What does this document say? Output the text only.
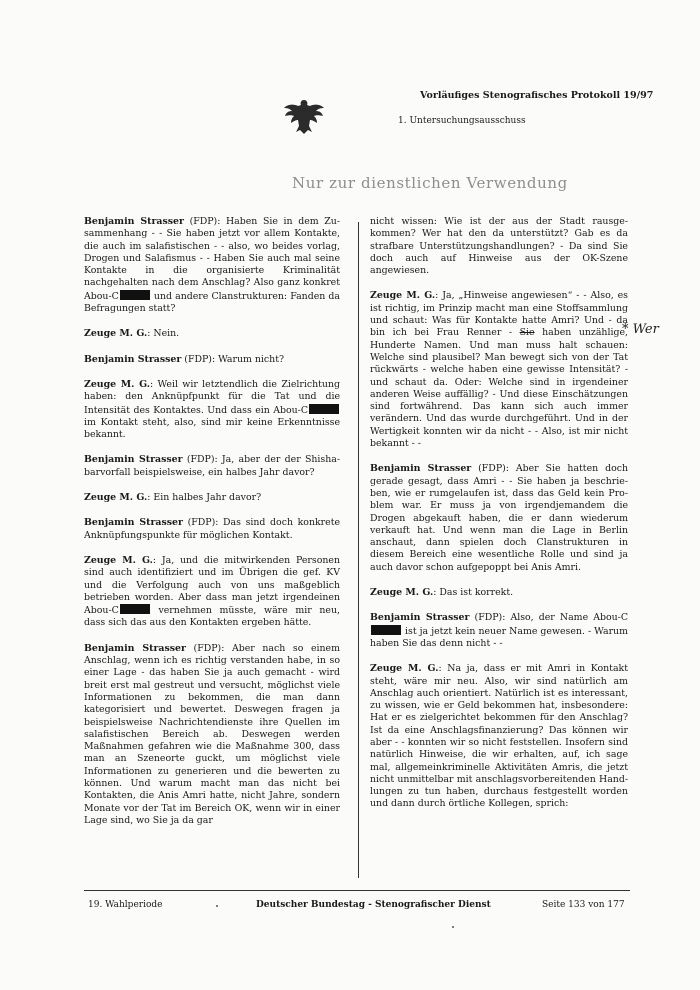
Vorläufiges Stenografisches Protokoll 19/97
1. Untersuchungsausschuss
Nur zur dienstlichen Verwendung

Benjamin Strasser (FDP): Haben Sie in dem Zusammenhang - - Sie haben jetzt vor allem Kontakte, die auch im salafistischen - - also, wo beides vorlag, Drogen und Salafismus - - Haben Sie auch mal seine Kontakte in die organisierte Kriminalität nachgehalten nach dem Anschlag? Also ganz konkret Abou-C	und andere Clanstrukturen: Fanden da Befragungen statt?

Zeuge M. G.: Nein.

Benjamin Strasser (FDP): Warum nicht?

Zeuge M. G.: Weil wir letztendlich die Zielrichtung haben: den Anknüpfpunkt für die Tat und die Intensität des Kontaktes. Und dass ein Abou-C im Kontakt steht, also, sind mir keine Erkenntnisse bekannt.

Benjamin Strasser (FDP): Ja, aber der der Shishabarvorfall beispielsweise, ein halbes Jahr davor?

Zeuge M. G.: Ein halbes Jahr davor?

Benjamin Strasser (FDP): Das sind doch konkrete Anknüpfungspunkte für möglichen Kontakt.

Zeuge M. G.: Ja, und die mitwirkenden Personen sind auch identifiziert und im Übrigen die gef. KV und die Verfolgung auch von uns maßgeblich betrieben worden. Aber dass man jetzt irgendeinen Abou-C	vernehmen müsste, wäre mir neu, dass sich das aus den Kontakten ergeben hätte.

Benjamin Strasser (FDP): Aber nach so einem Anschlag, wenn ich es richtig verstanden habe, in so einer Lage - das haben Sie ja auch gemacht - wird breit erst mal gestreut und versucht, möglichst viele Informationen zu bekommen, die man dann kategorisiert und bewertet. Deswegen fragen ja beispielsweise Nachrichtendienste ihre Quellen im salafistischen Bereich ab. Deswegen werden Maßnahmen gefahren wie die Maßnahme 300, dass man an Szeneorte guckt, um möglichst viele Informationen zu generieren und die bewerten zu können. Und warum macht man das nicht bei Kontakten, die Anis Amri hatte, nicht Jahre, sondern Monate vor der Tat im Bereich OK, wenn wir in einer Lage sind, wo Sie ja da gar

nicht wissen: Wie ist der aus der Stadt rausgekommen? Wer hat den da unterstützt? Gab es da strafbare Unterstützungshandlungen? - Da sind Sie doch auch auf Hinweise aus der OK-Szene angewiesen.

Zeuge M. G.: Ja, „Hinweise angewiesen“ - - Also, es ist richtig, im Prinzip macht man eine Stoffsammlung und schaut: Was für Kontakte hatte Amri? Und - da bin ich bei Frau Renner - Sie haben unzählige, Hunderte Namen. Und man muss halt schauen: Welche sind plausibel? Man bewegt sich von der Tat rückwärts - welche haben eine gewisse Intensität? - und schaut da. Oder: Welche sind in irgendeiner anderen Weise auffällig? - Und diese Einschätzungen sind fortwährend. Das kann sich auch immer verändern. Und das wurde durchgeführt. Und in der Wertigkeit konnten wir da nicht - - Also, ist mir nicht bekannt - -

Benjamin Strasser (FDP): Aber Sie hatten doch gerade gesagt, dass Amri - - Sie haben ja beschrieben, wie er rumgelaufen ist, dass das Geld kein Problem war. Er muss ja von irgendjemandem die Drogen abgekauft haben, die er dann wiederum verkauft hat. Und wenn man die Lage in Berlin anschaut, dann spielen doch Clanstrukturen in diesem Bereich eine wesentliche Rolle und sind ja auch davor schon aufgepoppt bei Anis Amri.

Zeuge M. G.: Das ist korrekt.

Benjamin Strasser (FDP): Also, der Name Abou-C ist ja jetzt kein neuer Name gewesen. - Warum haben Sie das denn nicht - -

Zeuge M. G.: Na ja, dass er mit Amri in Kontakt steht, wäre mir neu. Also, wir sind natürlich am Anschlag auch orientiert. Natürlich ist es interessant, zu wissen, wie er Geld bekommen hat, insbesondere: Hat er es zielgerichtet bekommen für den Anschlag? Ist da eine Anschlagsfinanzierung? Das können wir aber - - konnten wir so nicht feststellen. Insofern sind natürlich Hinweise, die wir erhalten, auf, ich sage mal, allgemeinkriminelle Aktivitäten Amris, die jetzt nicht unmittelbar mit anschlagsvorbereitenden Handlungen zu tun haben, durchaus festgestellt worden und dann durch örtliche Kollegen, sprich:

* Wer
19. Wahlperiode	Deutscher Bundestag - Stenografischer Dienst	Seite 133 von 177
